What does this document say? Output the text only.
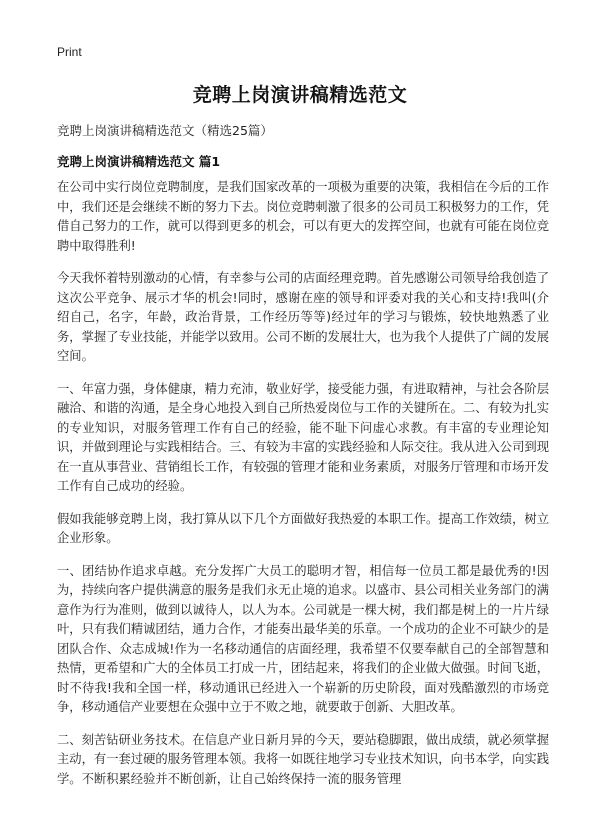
Print
竞聘上岗演讲稿精选范文
竞聘上岗演讲稿精选范文（精选25篇）
竞聘上岗演讲稿精选范文 篇1

在公司中实行岗位竞聘制度，是我们国家改革的一项极为重要的决策，我相信在今后的工作中，我们还是会继续不断的努力下去。岗位竞聘刺激了很多的公司员工积极努力的工作，凭借自己努力的工作，就可以得到更多的机会，可以有更大的发挥空间，也就有可能在岗位竞聘中取得胜利!

今天我怀着特别激动的心情，有幸参与公司的店面经理竞聘。首先感谢公司领导给我创造了这次公平竞争、展示才华的机会!同时，感谢在座的领导和评委对我的关心和支持!我叫(介绍自己，名字，年龄，政治背景，工作经历等等)经过年的学习与锻炼，较快地熟悉了业务，掌握了专业技能，并能学以致用。公司不断的发展壮大，也为我个人提供了广阔的发展空间。

一、年富力强，身体健康，精力充沛，敬业好学，接受能力强，有进取精神，与社会各阶层融洽、和谐的沟通，是全身心地投入到自己所热爱岗位与工作的关键所在。二、有较为扎实的专业知识，对服务管理工作有自己的经验，能不耻下问虚心求教。有丰富的专业理论知识，并做到理论与实践相结合。三、有较为丰富的实践经验和人际交往。我从进入公司到现在一直从事营业、营销组长工作，有较强的管理才能和业务素质，对服务厅管理和市场开发工作有自己成功的经验。

假如我能够竞聘上岗，我打算从以下几个方面做好我热爱的本职工作。提高工作效绩，树立企业形象。

一、团结协作追求卓越。充分发挥广大员工的聪明才智，相信每一位员工都是最优秀的!因为，持续向客户提供满意的服务是我们永无止境的追求。以盛市、县公司相关业务部门的满意作为行为准则，做到以诚待人，以人为本。公司就是一棵大树，我们都是树上的一片片绿叶，只有我们精诚团结，通力合作，才能奏出最华美的乐章。一个成功的企业不可缺少的是团队合作、众志成城!作为一名移动通信的店面经理，我希望不仅要奉献自己的全部智慧和热情，更希望和广大的全体员工打成一片，团结起来，将我们的企业做大做强。时间飞逝，时不待我!我和全国一样，移动通讯已经进入一个崭新的历史阶段，面对残酷激烈的市场竞争，移动通信产业要想在众强中立于不败之地，就要敢于创新、大胆改革。

二、刻苦钻研业务技术。在信息产业日新月异的今天，要站稳脚跟，做出成绩，就必须掌握主动，有一套过硬的服务管理本领。我将一如既往地学习专业技术知识，向书本学，向实践学。不断积累经验并不断创新，让自己始终保持一流的服务管理
